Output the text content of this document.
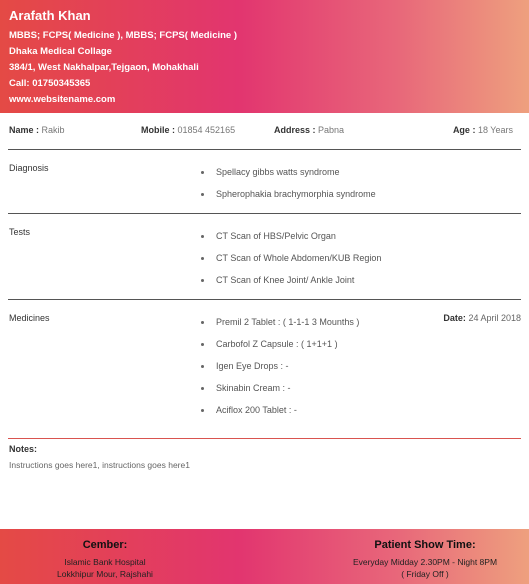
Arafath Khan
MBBS; FCPS( Medicine ), MBBS; FCPS( Medicine )
Dhaka Medical Collage
384/1, West Nakhalpar,Tejgaon, Mohakhali
Call: 01750345365
www.websitename.com
Name : Rakib	Mobile : 01854 452165	Address : Pabna	Age : 18 Years
Diagnosis	Spellacy gibbs watts syndrome
Spherophakia brachymorphia syndrome
Tests	CT Scan of HBS/Pelvic Organ
CT Scan of Whole Abdomen/KUB Region
CT Scan of Knee Joint/ Ankle Joint
Medicines	Premil 2 Tablet : ( 1-1-1 3 Mounths )
Carbofol Z Capsule : ( 1+1+1 )
Igen Eye Drops : -
Skinabin Cream : -
Aciflox 200 Tablet : -
Date: 24 April 2018
Notes:
Instructions goes here1, instructions goes here1
Cember:
Islamic Bank Hospital
Lokkhipur Mour, Rajshahi
Patient Show Time:
Everyday Midday 2.30PM - Night 8PM
( Friday Off )
